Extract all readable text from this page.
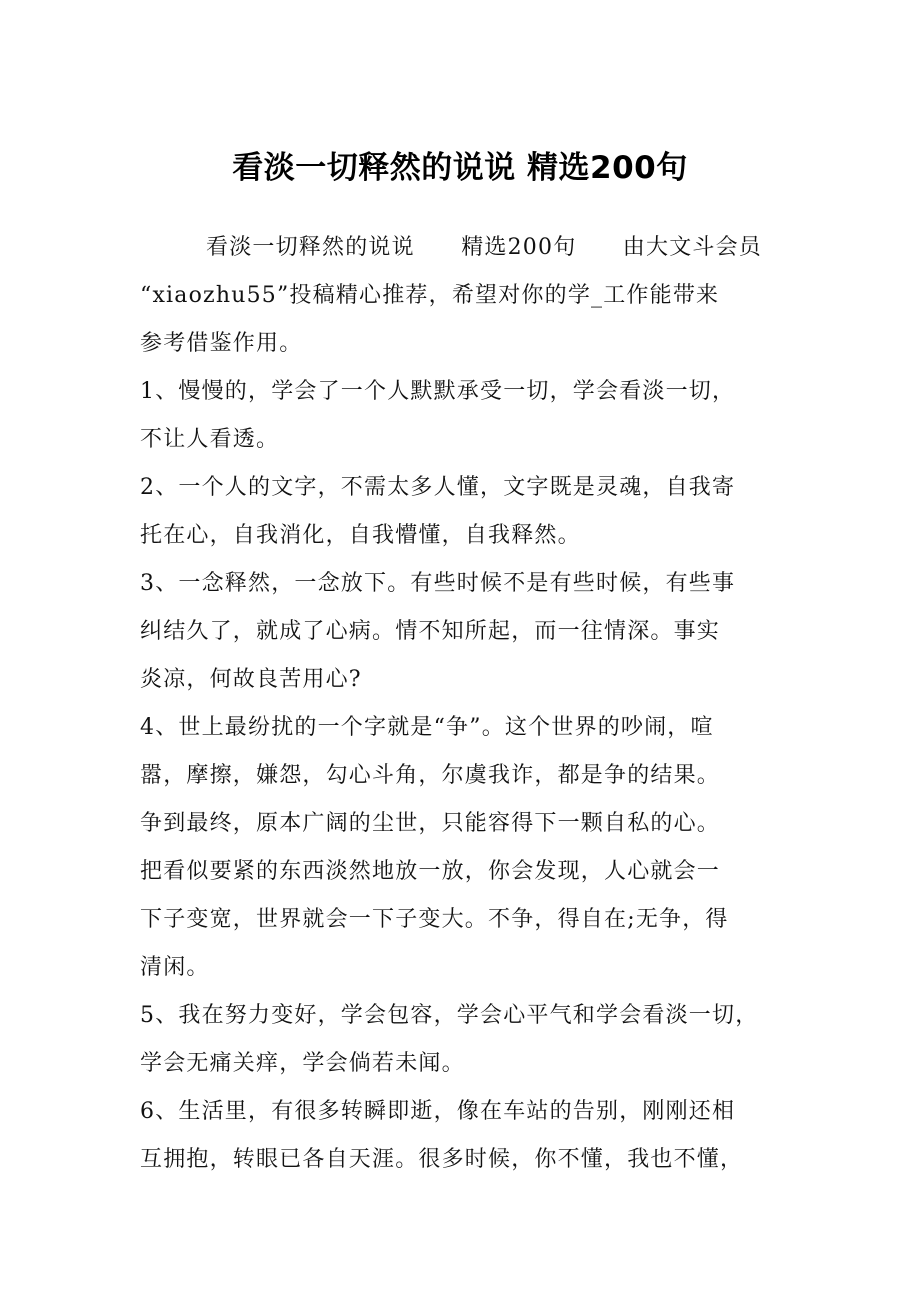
看淡一切释然的说说 精选200句
看淡一切释然的说说　　精选200句　　由大文斗会员
“xiaozhu55”投稿精心推荐，希望对你的学_工作能带来
参考借鉴作用。
1、慢慢的，学会了一个人默默承受一切，学会看淡一切，
不让人看透。
2、一个人的文字，不需太多人懂，文字既是灵魂，自我寄
托在心，自我消化，自我懵懂，自我释然。
3、一念释然，一念放下。有些时候不是有些时候，有些事
纠结久了，就成了心病。情不知所起，而一往情深。事实
炎凉，何故良苦用心?
4、世上最纷扰的一个字就是“争”。这个世界的吵闹，喧
嚣，摩擦，嫌怨，勾心斗角，尔虞我诈，都是争的结果。
争到最终，原本广阔的尘世，只能容得下一颗自私的心。
把看似要紧的东西淡然地放一放，你会发现，人心就会一
下子变宽，世界就会一下子变大。不争，得自在;无争，得
清闲。
5、我在努力变好，学会包容，学会心平气和学会看淡一切，
学会无痛关痒，学会倘若未闻。
6、生活里，有很多转瞬即逝，像在车站的告别，刚刚还相
互拥抱，转眼已各自天涯。很多时候，你不懂，我也不懂，
